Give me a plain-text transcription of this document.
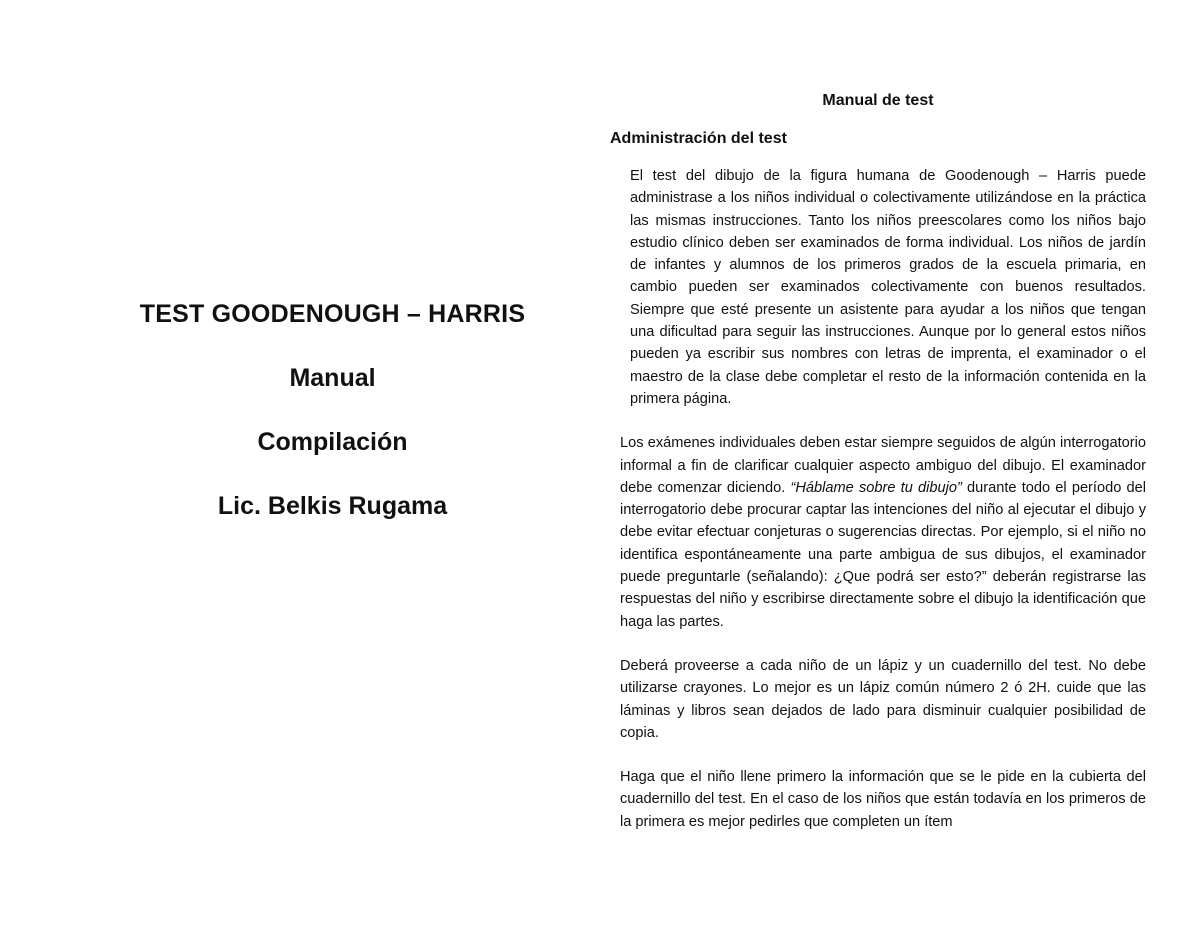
TEST GOODENOUGH – HARRIS
Manual
Compilación
Lic. Belkis Rugama
Manual de test
Administración del test

El test del dibujo de la figura humana de Goodenough – Harris puede administrase a los niños individual o colectivamente utilizándose en la práctica las mismas instrucciones. Tanto los niños preescolares como los niños bajo estudio clínico deben ser examinados de forma individual. Los niños de jardín de infantes y alumnos de los primeros grados de la escuela primaria, en cambio pueden ser examinados colectivamente con buenos resultados. Siempre que esté presente un asistente para ayudar a los niños que tengan una dificultad para seguir las instrucciones. Aunque por lo general estos niños pueden ya escribir sus nombres con letras de imprenta, el examinador o el maestro de la clase debe completar el resto de la información contenida en la primera página.

Los exámenes individuales deben estar siempre seguidos de algún interrogatorio informal a fin de clarificar cualquier aspecto ambiguo del dibujo. El examinador debe comenzar diciendo. “Háblame sobre tu dibujo” durante todo el período del interrogatorio debe procurar captar las intenciones del niño al ejecutar el dibujo y debe evitar efectuar conjeturas o sugerencias directas. Por ejemplo, si el niño no identifica espontáneamente una parte ambigua de sus dibujos, el examinador puede preguntarle (señalando): ¿Que podrá ser esto?” deberán registrarse las respuestas del niño y escribirse directamente sobre el dibujo la identificación que haga las partes.

Deberá proveerse a cada niño de un lápiz y un cuadernillo del test. No debe utilizarse crayones. Lo mejor es un lápiz común número 2 ó 2H. cuide que las láminas y libros sean dejados de lado para disminuir cualquier posibilidad de copia.

Haga que el niño llene primero la información que se le pide en la cubierta del cuadernillo del test. En el caso de los niños que están todavía en los primeros de la primera es mejor pedirles que completen un ítem
